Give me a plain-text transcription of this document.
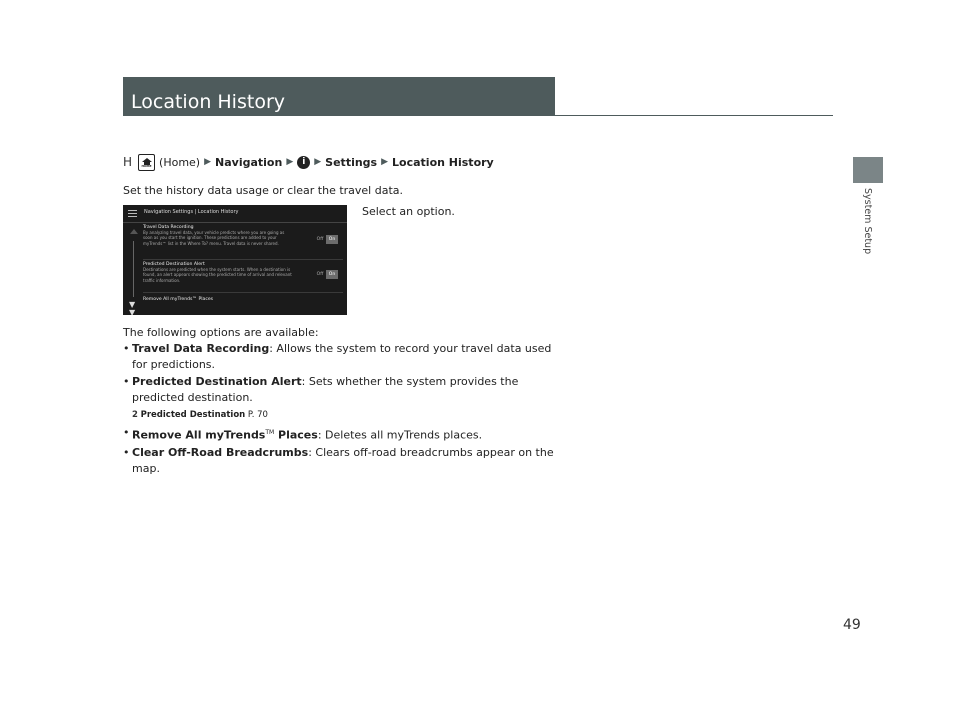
Location History
System Setup
H	HOME (Home) ▶ Navigation ▶ i ▶ Settings ▶ Location History
Set the history data usage or clear the travel data.
Select an option.
Navigation Settings | Location History
▼
▼
Travel Data Recording
By analyzing travel data, your vehicle predicts where you are going as soon as you start the ignition. These predictions are added to your myTrends™ list in the Where To? menu. Travel data is never shared.
Off	On
Predicted Destination Alert
Destinations are predicted when the system starts. When a destination is found, an alert appears showing the predicted time of arrival and relevant traffic information.
Off	On
Remove All myTrends™ Places

The following options are available:

• Travel Data Recording: Allows the system to record your travel data used for predictions.
• Predicted Destination Alert: Sets whether the system provides the predicted destination.
2 Predicted Destination P. 70
• Remove All myTrends™ Places: Deletes all myTrends places.
• Clear Off-Road Breadcrumbs: Clears off-road breadcrumbs appear on the map.
49
